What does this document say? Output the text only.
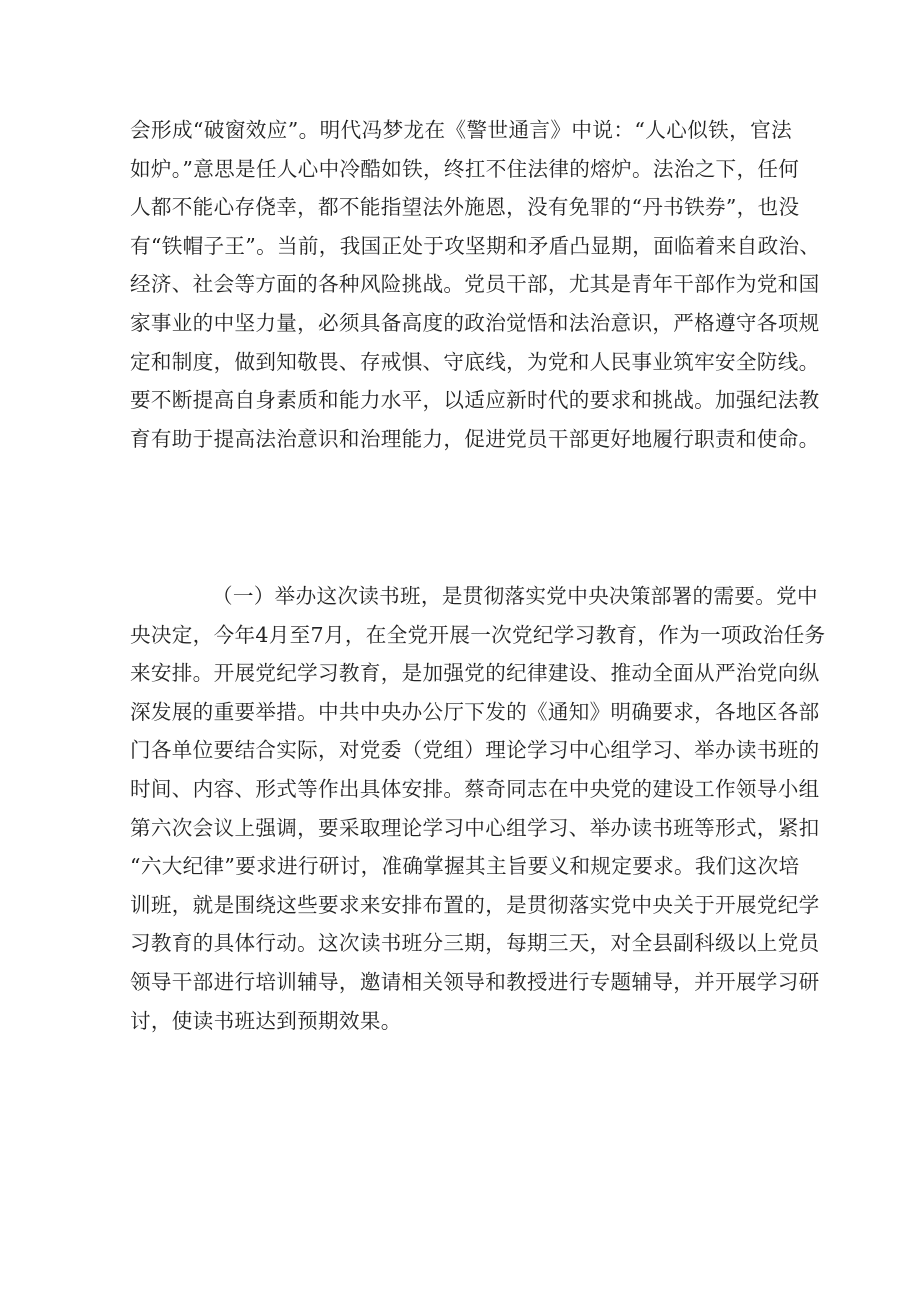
会形成“破窗效应”。明代冯梦龙在《警世通言》中说：“人心似铁，官法
如炉。”意思是任人心中冷酷如铁，终扛不住法律的熔炉。法治之下，任何
人都不能心存侥幸，都不能指望法外施恩，没有免罪的“丹书铁券”，也没
有“铁帽子王”。当前，我国正处于攻坚期和矛盾凸显期，面临着来自政治、
经济、社会等方面的各种风险挑战。党员干部，尤其是青年干部作为党和国
家事业的中坚力量，必须具备高度的政治觉悟和法治意识，严格遵守各项规
定和制度，做到知敬畏、存戒惧、守底线，为党和人民事业筑牢安全防线。
要不断提高自身素质和能力水平，以适应新时代的要求和挑战。加强纪法教
育有助于提高法治意识和治理能力，促进党员干部更好地履行职责和使命。
（一）举办这次读书班，是贯彻落实党中央决策部署的需要。党中
央决定，今年4月至7月，在全党开展一次党纪学习教育，作为一项政治任务
来安排。开展党纪学习教育，是加强党的纪律建设、推动全面从严治党向纵
深发展的重要举措。中共中央办公厅下发的《通知》明确要求，各地区各部
门各单位要结合实际，对党委（党组）理论学习中心组学习、举办读书班的
时间、内容、形式等作出具体安排。蔡奇同志在中央党的建设工作领导小组
第六次会议上强调，要采取理论学习中心组学习、举办读书班等形式，紧扣
“六大纪律”要求进行研讨，准确掌握其主旨要义和规定要求。我们这次培
训班，就是围绕这些要求来安排布置的，是贯彻落实党中央关于开展党纪学
习教育的具体行动。这次读书班分三期，每期三天，对全县副科级以上党员
领导干部进行培训辅导，邀请相关领导和教授进行专题辅导，并开展学习研
讨，使读书班达到预期效果。
